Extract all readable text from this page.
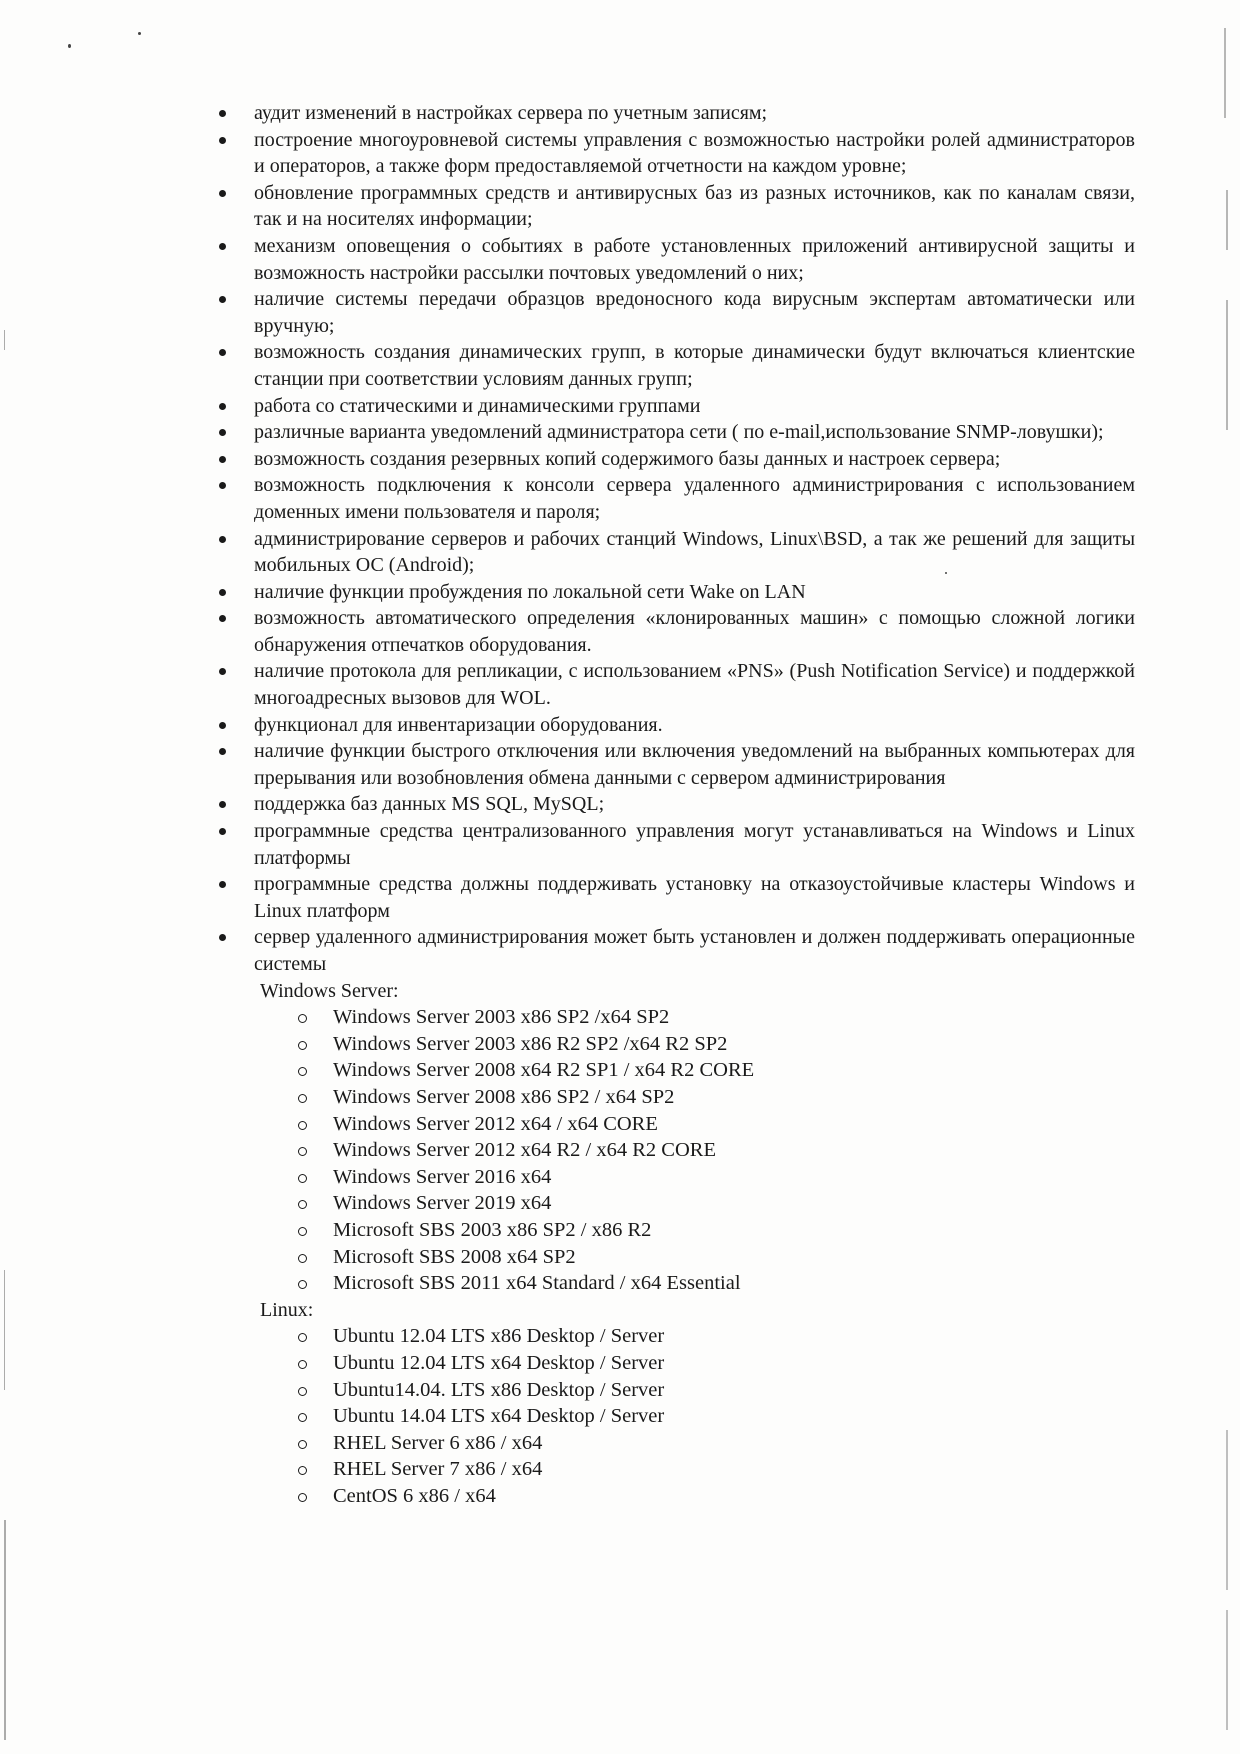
аудит изменений в настройках сервера по учетным записям;
построение многоуровневой системы управления с возможностью настройки ролей администраторов и операторов, а также форм предоставляемой отчетности на каждом уровне;
обновление программных средств и антивирусных баз из разных источников, как по каналам связи, так и на носителях информации;
механизм оповещения о событиях в работе установленных приложений антивирусной защиты и возможность настройки рассылки почтовых уведомлений о них;
наличие системы передачи образцов вредоносного кода вирусным экспертам автоматически или вручную;
возможность создания динамических групп, в которые динамически будут включаться клиентские станции при соответствии условиям данных групп;
работа со статическими и динамическими группами
различные варианта уведомлений администратора сети ( по e-mail,использование SNMP-ловушки);
возможность создания резервных копий содержимого базы данных и настроек сервера;
возможность подключения к консоли сервера удаленного администрирования с использованием доменных имени пользователя и пароля;
администрирование серверов и рабочих станций Windows, Linux\BSD, а так же решений для защиты мобильных ОС (Android);
наличие функции пробуждения по локальной сети Wake on LAN
возможность автоматического определения «клонированных машин» с помощью сложной логики обнаружения отпечатков оборудования.
наличие протокола для репликации, с использованием «PNS» (Push Notification Service) и поддержкой многоадресных вызовов для WOL.
функционал для инвентаризации оборудования.
наличие функции быстрого отключения или включения уведомлений на выбранных компьютерах для прерывания или возобновления обмена данными с сервером администрирования
поддержка баз данных MS SQL, MySQL;
программные средства централизованного управления могут устанавливаться на Windows и Linux платформы
программные средства должны поддерживать установку на отказоустойчивые кластеры Windows и Linux платформ
сервер удаленного администрирования может быть установлен и должен поддерживать операционные системы
Windows Server:
Windows Server 2003 x86 SP2 /x64 SP2
Windows Server 2003 x86 R2 SP2 /x64 R2 SP2
Windows Server 2008 x64 R2 SP1 / x64 R2 CORE
Windows Server 2008 x86 SP2 / x64 SP2
Windows Server 2012 x64 / x64 CORE
Windows Server 2012 x64 R2 / x64 R2 CORE
Windows Server 2016 x64
Windows Server 2019 x64
Microsoft SBS 2003 x86 SP2 / x86 R2
Microsoft SBS 2008 x64 SP2
Microsoft SBS 2011 x64 Standard / x64 Essential
Linux:
Ubuntu 12.04 LTS x86 Desktop / Server
Ubuntu 12.04 LTS x64 Desktop / Server
Ubuntu14.04. LTS x86 Desktop / Server
Ubuntu 14.04 LTS x64 Desktop / Server
RHEL Server 6 x86 / x64
RHEL Server 7 x86 / x64
CentOS 6 x86 / x64
